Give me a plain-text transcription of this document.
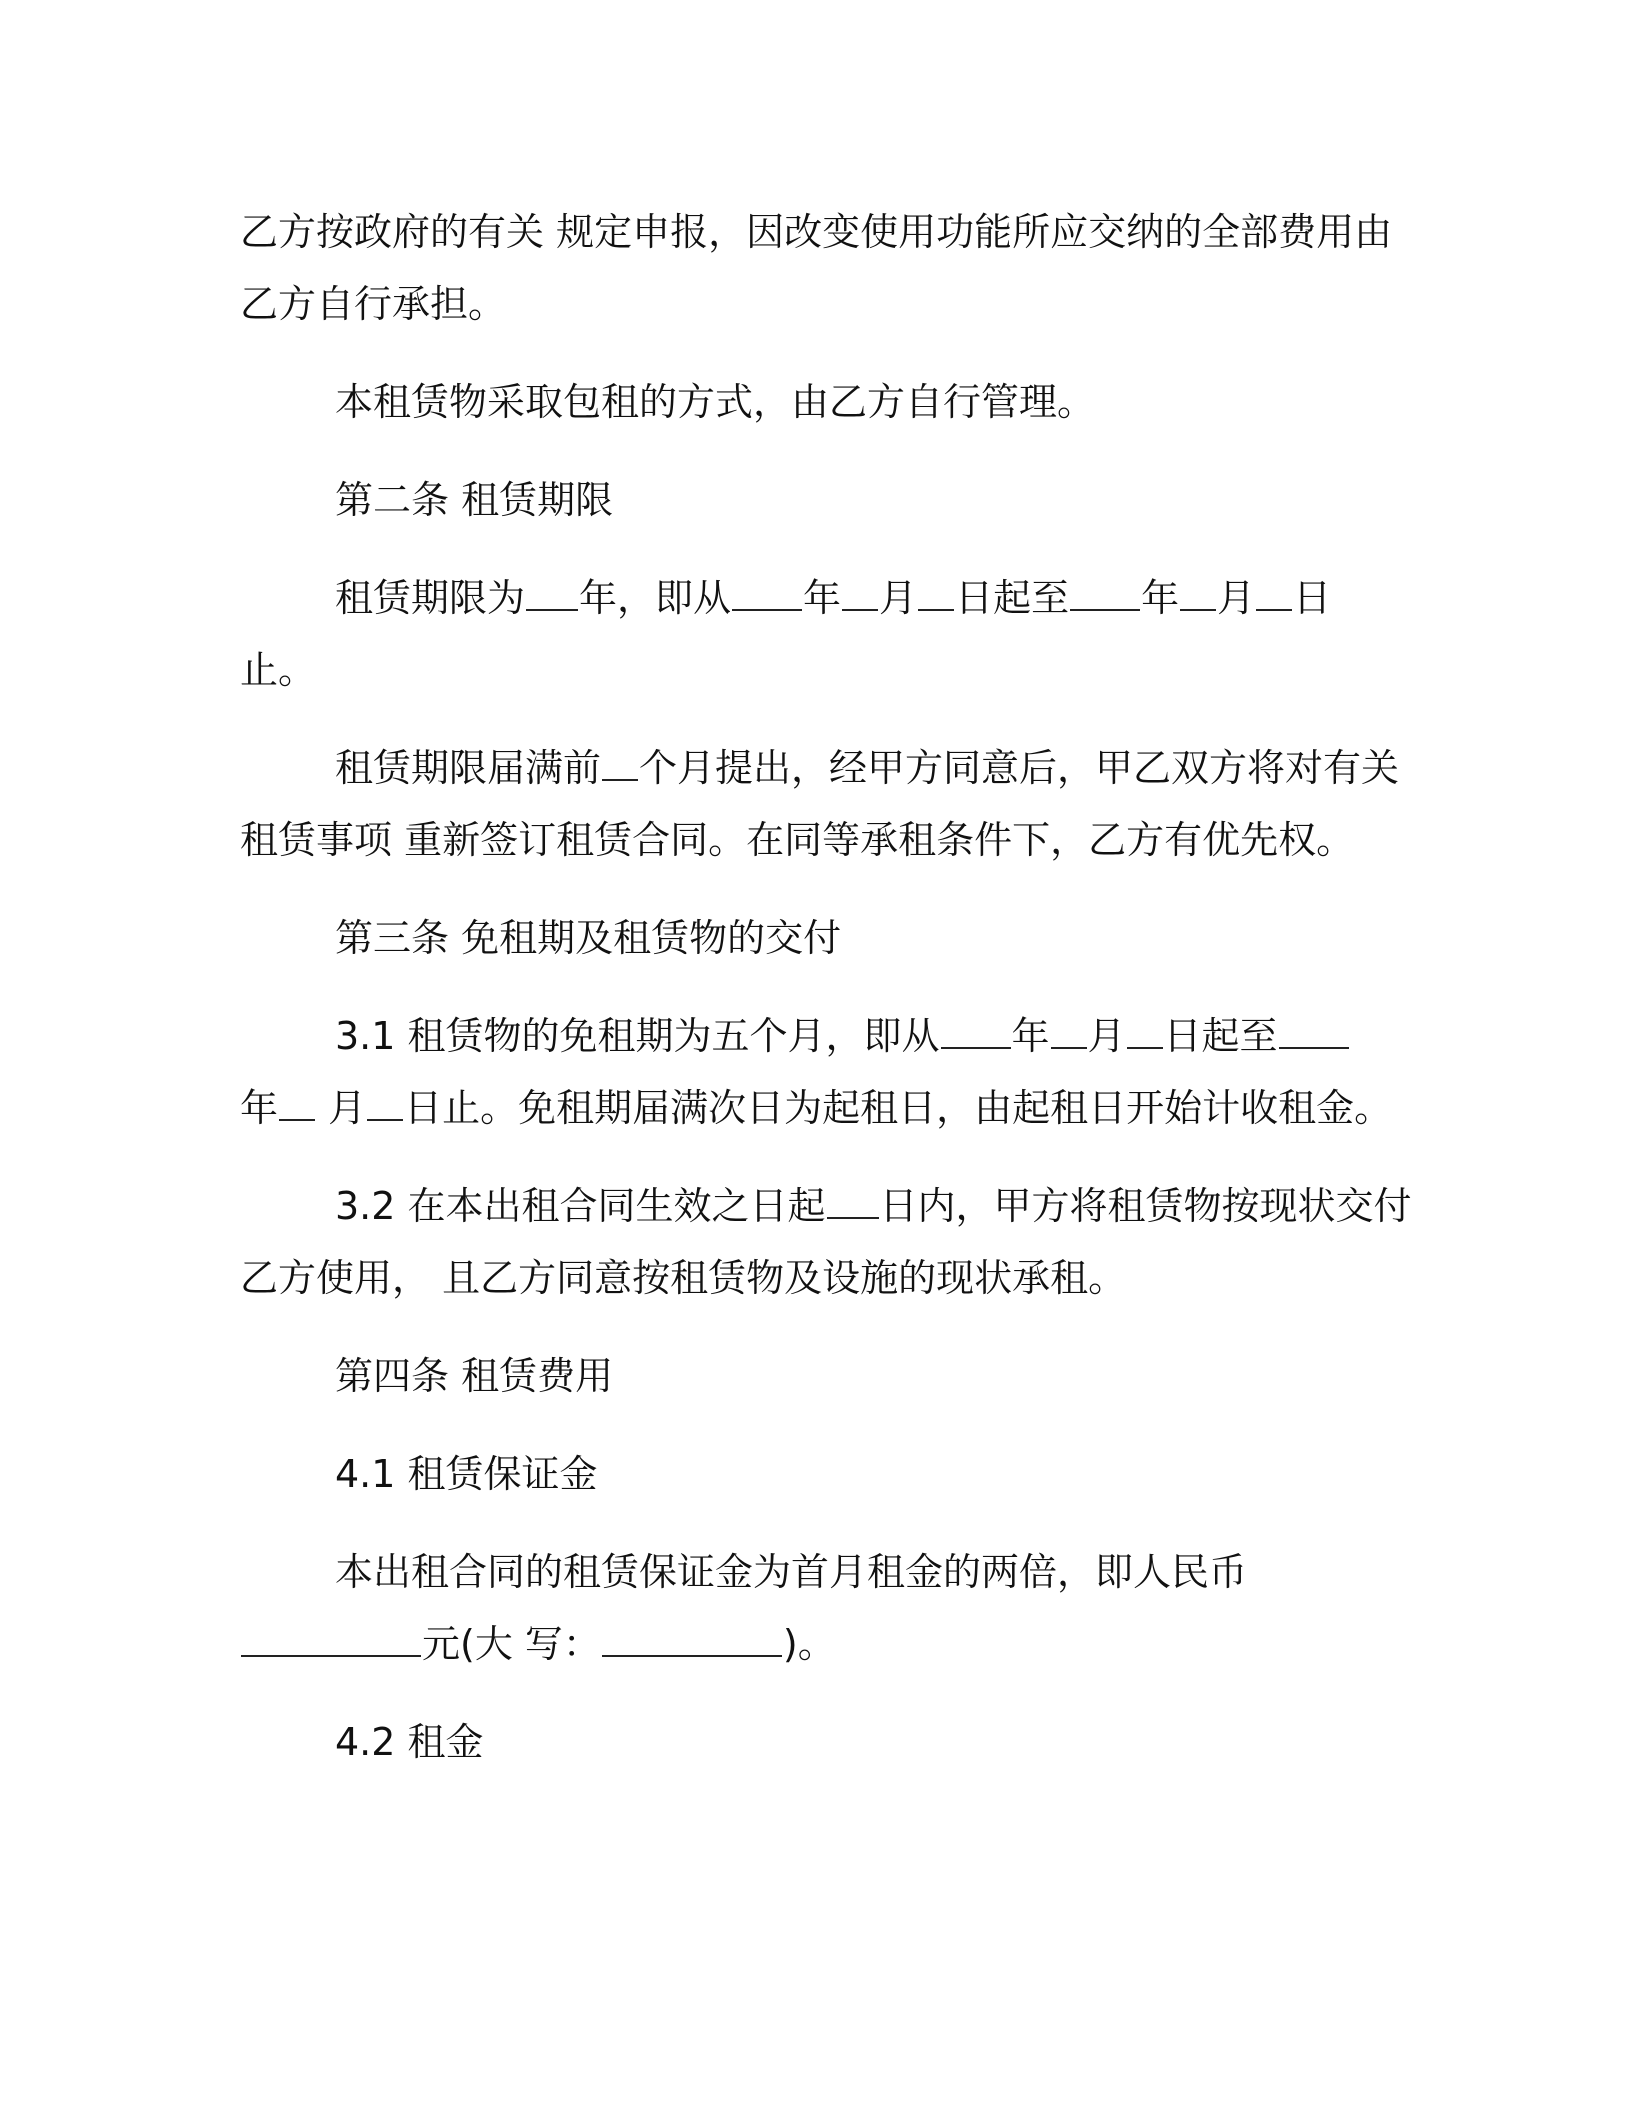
乙方按政府的有关 规定申报，因改变使用功能所应交纳的全部费用由
乙方自行承担。

本租赁物采取包租的方式，由乙方自行管理。

第二条 租赁期限

租赁期限为 年，即从 年 月 日起至 年 月 日
止。

租赁期限届满前 个月提出，经甲方同意后，甲乙双方将对有关
租赁事项 重新签订租赁合同。在同等承租条件下，乙方有优先权。

第三条 免租期及租赁物的交付

3.1 租赁物的免租期为五个月，即从 年 月 日起至
年 月 日止。免租期届满次日为起租日，由起租日开始计收租金。

3.2 在本出租合同生效之日起 日内，甲方将租赁物按现状交付
乙方使用， 且乙方同意按租赁物及设施的现状承租。

第四条 租赁费用

4.1 租赁保证金

本出租合同的租赁保证金为首月租金的两倍，即人民币
元(大 写：	)。

4.2 租金
